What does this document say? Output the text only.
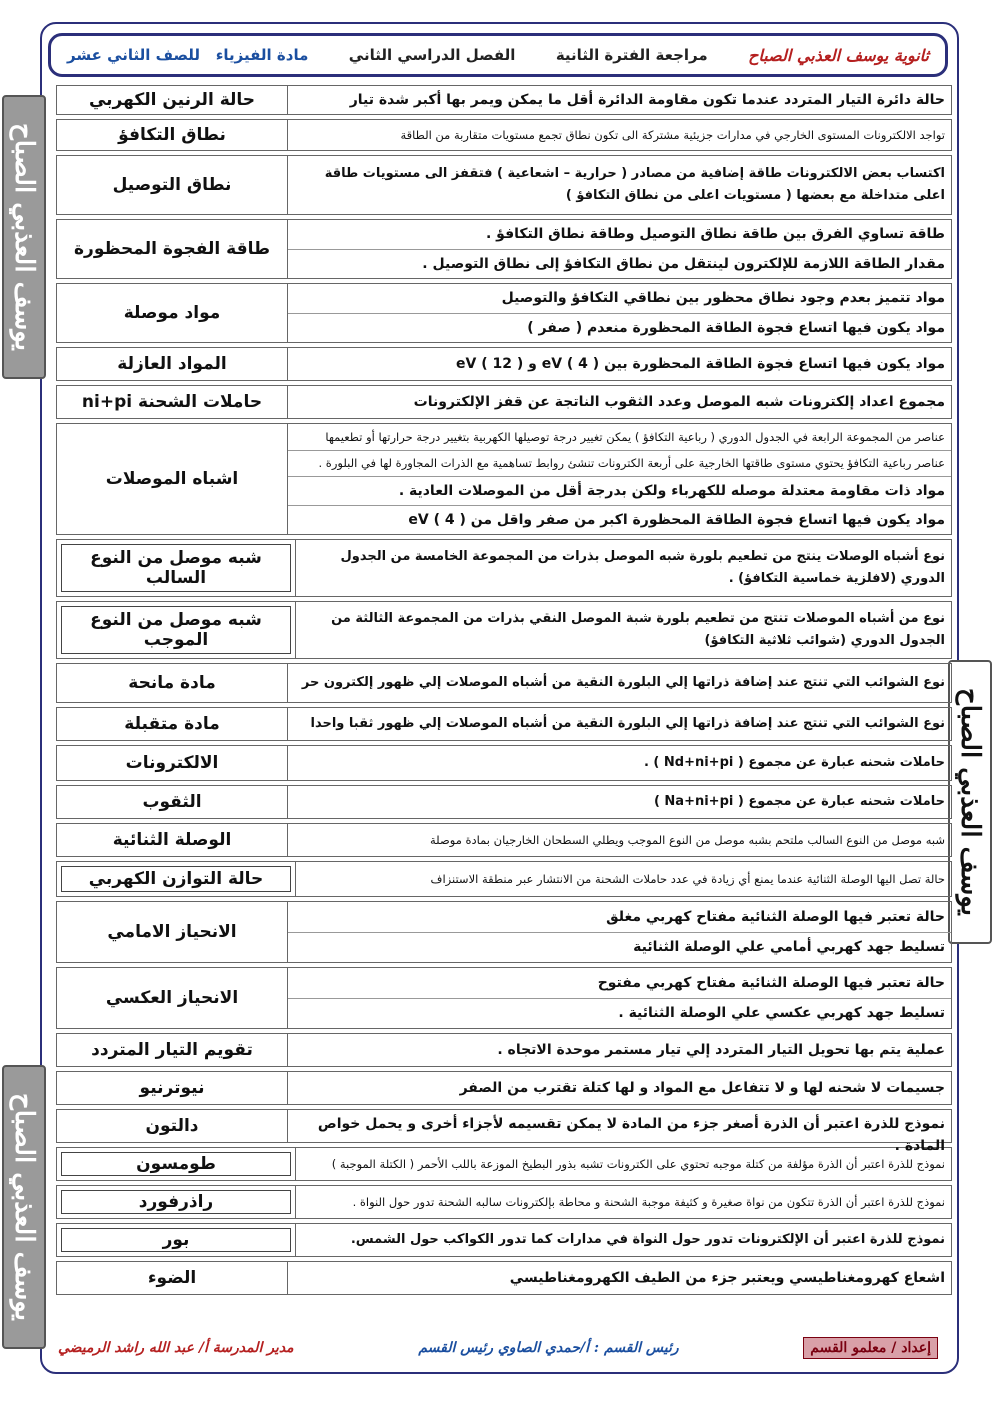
ثانوية يوسف العذبي الصباح
مراجعة الفترة الثانية
الفصل الدراسي الثاني
مادة الفيزياء   للصف الثاني عشر
يوسف العذبي الصباح
يوسف العذبي الصباح
يوسف العذبي الصباح
حالة دائرة التيار المتردد عندما تكون مقاومة الدائرة أقل ما يمكن ويمر بها أكبر شدة تيار
حالة الرنين الكهربي
تواجد الالكترونات المستوى الخارجي في مدارات جزيئية مشتركة الى تكون نطاق تجمع مستويات متقاربة من الطاقة
نطاق التكافؤ
اكتساب بعض الالكترونات طاقة إضافية من مصادر ( حرارية – اشعاعية ) فتقفز الى مستويات طاقة اعلى متداخلة مع بعضها ( مستويات اعلى من نطاق التكافؤ )
نطاق التوصيل
طاقة تساوي الفرق بين طاقة نطاق التوصيل وطاقة نطاق التكافؤ .
مقدار الطاقة اللازمة للإلكترون لينتقل من نطاق التكافؤ إلى نطاق التوصيل .
طاقة الفجوة المحظورة
مواد تتميز بعدم وجود نطاق محظور بين نطاقي التكافؤ والتوصيل
مواد يكون فيها اتساع فجوة الطاقة المحظورة منعدم ( صفر )
مواد موصلة
مواد يكون فيها اتساع فجوة الطاقة المحظورة بين eV ( 4 ) و eV ( 12 )
المواد العازلة
مجموع اعداد إلكترونات شبه الموصل وعدد الثقوب الناتجة عن قفز الإلكترونات
حاملات الشحنة ni+pi
عناصر من المجموعة الرابعة في الجدول الدوري ( رباعية التكافؤ ) يمكن تغيير درجة توصيلها الكهربية بتغيير درجة حرارتها أو تطعيمها
عناصر رباعية التكافؤ يحتوي مستوى طاقتها الخارجية على أربعة الكترونات تنشئ روابط تساهمية مع الذرات المجاورة لها في البلورة .
مواد ذات مقاومة معتدلة موصله للكهرباء ولكن بدرجة أقل من الموصلات العادية .
مواد يكون فيها اتساع فجوة الطاقة المحظورة اكبر من صفر واقل من eV ( 4 )
اشباه الموصلات
نوع أشباه الوصلات ينتج من تطعيم بلورة شبه الموصل بذرات من المجموعة الخامسة من الجدول الدوري (لافلزية خماسية التكافؤ) .
شبه موصل من النوع السالب
نوع من أشباه الموصلات تنتج من تطعيم بلورة شبة الموصل النقي بذرات من المجموعة الثالثة من الجدول الدوري (شوائب ثلاثية التكافؤ)
شبه موصل من النوع الموجب
نوع الشوائب التي تنتج عند إضافة ذراتها إلي البلورة النقية من أشباه الموصلات إلي ظهور إلكترون حر
مادة مانحة
نوع الشوائب التي تنتج عند إضافة ذراتها إلي البلورة النقية من أشباه الموصلات إلي ظهور ثقبا واحدا
مادة متقبلة
حاملات شحنه عبارة عن مجموع ( Nd+ni+pi ) .
الالكترونات
حاملات شحنه عبارة عن مجموع ( Na+ni+pi )
الثقوب
شبه موصل من النوع السالب ملتحم بشبه موصل من النوع الموجب ويطلي السطحان الخارجيان بمادة موصلة
الوصلة الثنائية
حالة تصل اليها الوصلة الثنائية عندما يمنع أي زيادة في عدد حاملات الشحنة من الانتشار عبر منطقة الاستنزاف
حالة التوازن الكهربي
حالة تعتبر فيها الوصلة الثنائية مفتاح كهربي مغلق
تسليط جهد كهربي أمامي علي الوصلة الثنائية
الانحياز الامامي
حالة تعتبر فيها الوصلة الثنائية مفتاح كهربي مفتوح
تسليط جهد كهربي عكسي علي الوصلة الثنائية .
الانحياز العكسي
عملية يتم بها تحويل التيار المتردد إلي تيار مستمر موحدة الاتجاه .
تقويم التيار المتردد
جسيمات لا شحنه لها و لا تتفاعل مع المواد و لها كتلة تقترب من الصفر
نيوترنيو
نموذج للذرة اعتبر أن الذرة أصغر جزء من المادة لا يمكن تقسيمه لأجزاء أخرى و يحمل خواص المادة .
دالتون
نموذج للذرة اعتبر أن الذرة مؤلفة من كتلة موجبه تحتوي على الكترونات تشبه بذور البطيخ الموزعة باللب الأحمر ( الكتلة الموجبة )
طومسون
نموذج للذرة اعتبر أن الذرة تتكون من نواة صغيرة و كثيفة موجبة الشحنة و محاطة بإلكترونات سالبه الشحنة تدور حول النواة .
راذرفورد
نموذج للذرة اعتبر أن الإلكترونات تدور حول النواة في مدارات كما تدور الكواكب حول الشمس.
بور
اشعاع كهرومغناطيسي ويعتبر جزء من الطيف الكهرومغناطيسي
الضوء
إعداد / معلمو القسم
رئيس القسم : أ/حمدي الصاوي رئيس القسم
مدير المدرسة أ/ عبد الله راشد الرميضي
